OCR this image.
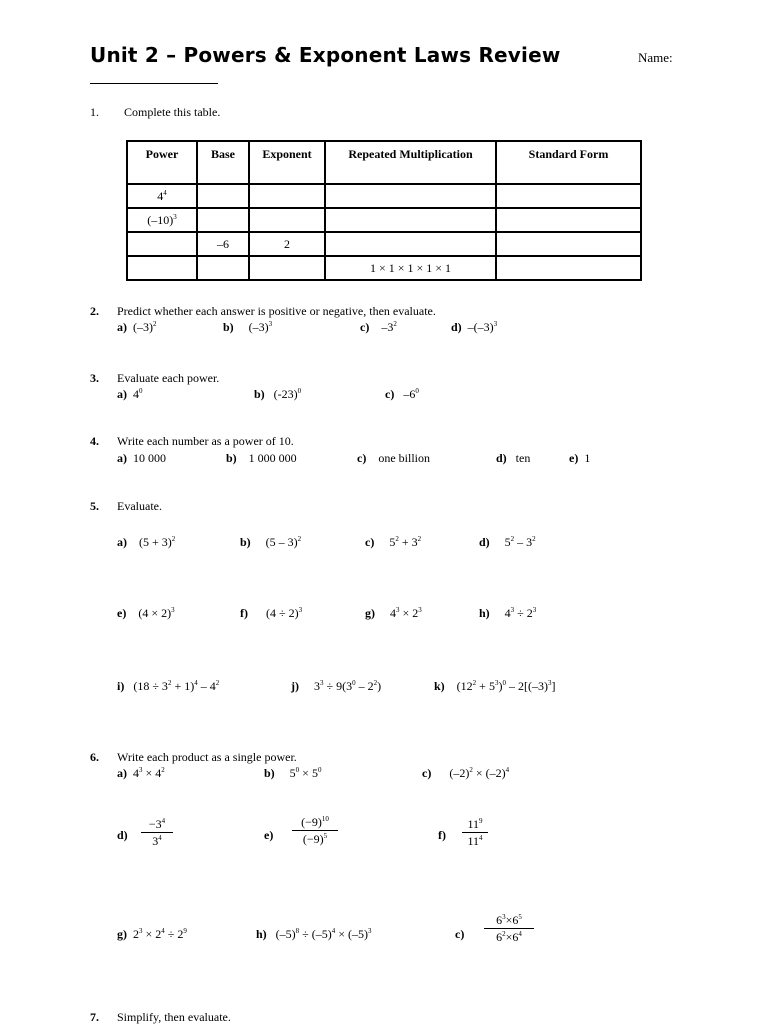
Unit 2 – Powers & Exponent Laws Review	Name:
1. Complete this table.
Power	Base	Exponent	Repeated Multiplication	Standard Form
$4^4$				
$(-10)^3$				
	–6	2		
			1 × 1 × 1 × 1 × 1	
2. Predict whether each answer is positive or negative, then evaluate.
a) $(-3)^2$	b) $(-3)^3$	c) $-3^2$	d) $-(-3)^3$
3. Evaluate each power.
a) $4^0$	b) $(-23)^0$	c) $-6^0$
4. Write each number as a power of 10.
a) 10 000	b) 1 000 000	c) one billion	d) ten	e) 1
5. Evaluate.
a) $(5 + 3)^2$	b) (5 – 3)$^2$	c) $5^2 + 3^2$	d) $5^2 - 3^2$
e) $(4 \times 2)^3$	f) $(4 \div 2)^3$	g) $4^3 \times 2^3$	h) $4^3 \div 2^3$
i) $(18 \div 3^2 + 1)^4 - 4^2$	j) $3^3 \div 9(3^0 - 2^2)$	k) $(12^2 + 5^3)^0 - 2[(-3)^3]$
6. Write each product as a single power.
a) $4^3 \times 4^2$	b) $5^0 \times 5^0$	c) $(-2)^2 \times (-2)^4$
d)
$-3^4$
$3^4$	e)
$(-9)^{10}$
$(-9)^5$	f)
$11^9$
$11^4$
g) $2^3 \times 2^4 \div 2^9$	h) $(-5)^8 \div (-5)^4 \times (-5)^3$	c)
$6^3\times 6^5$
$6^2\times 6^4$
7. Simplify, then evaluate.
